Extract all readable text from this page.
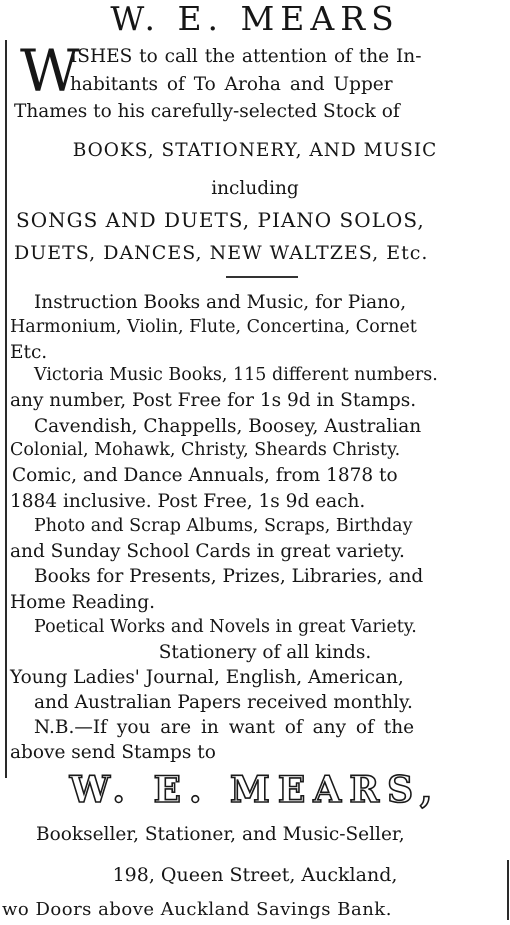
W. E. MEARS
W
ISHES to call the attention of the In-
habitants of To Aroha and Upper
Thames to his carefully-selected Stock of
BOOKS, STATIONERY, AND MUSIC
including
SONGS AND DUETS, PIANO SOLOS,
DUETS, DANCES, NEW WALTZES, Etc.
Instruction Books and Music, for Piano,
Harmonium, Violin, Flute, Concertina, Cornet
Etc.
Victoria Music Books, 115 different numbers.
any number, Post Free for 1s 9d in Stamps.
Cavendish, Chappells, Boosey, Australian
Colonial, Mohawk, Christy, Sheards Christy.
Comic, and Dance Annuals, from 1878 to
1884 inclusive. Post Free, 1s 9d each.
Photo and Scrap Albums, Scraps, Birthday
and Sunday School Cards in great variety.
Books for Presents, Prizes, Libraries, and
Home Reading.
Poetical Works and Novels in great Variety.
Stationery of all kinds.
Young Ladies' Journal, English, American,
and Australian Papers received monthly.
N.B.—If you are in want of any of the
above send Stamps to
W. E. MEARS,
Bookseller, Stationer, and Music-Seller,
198, Queen Street, Auckland,
wo Doors above Auckland Savings Bank.
